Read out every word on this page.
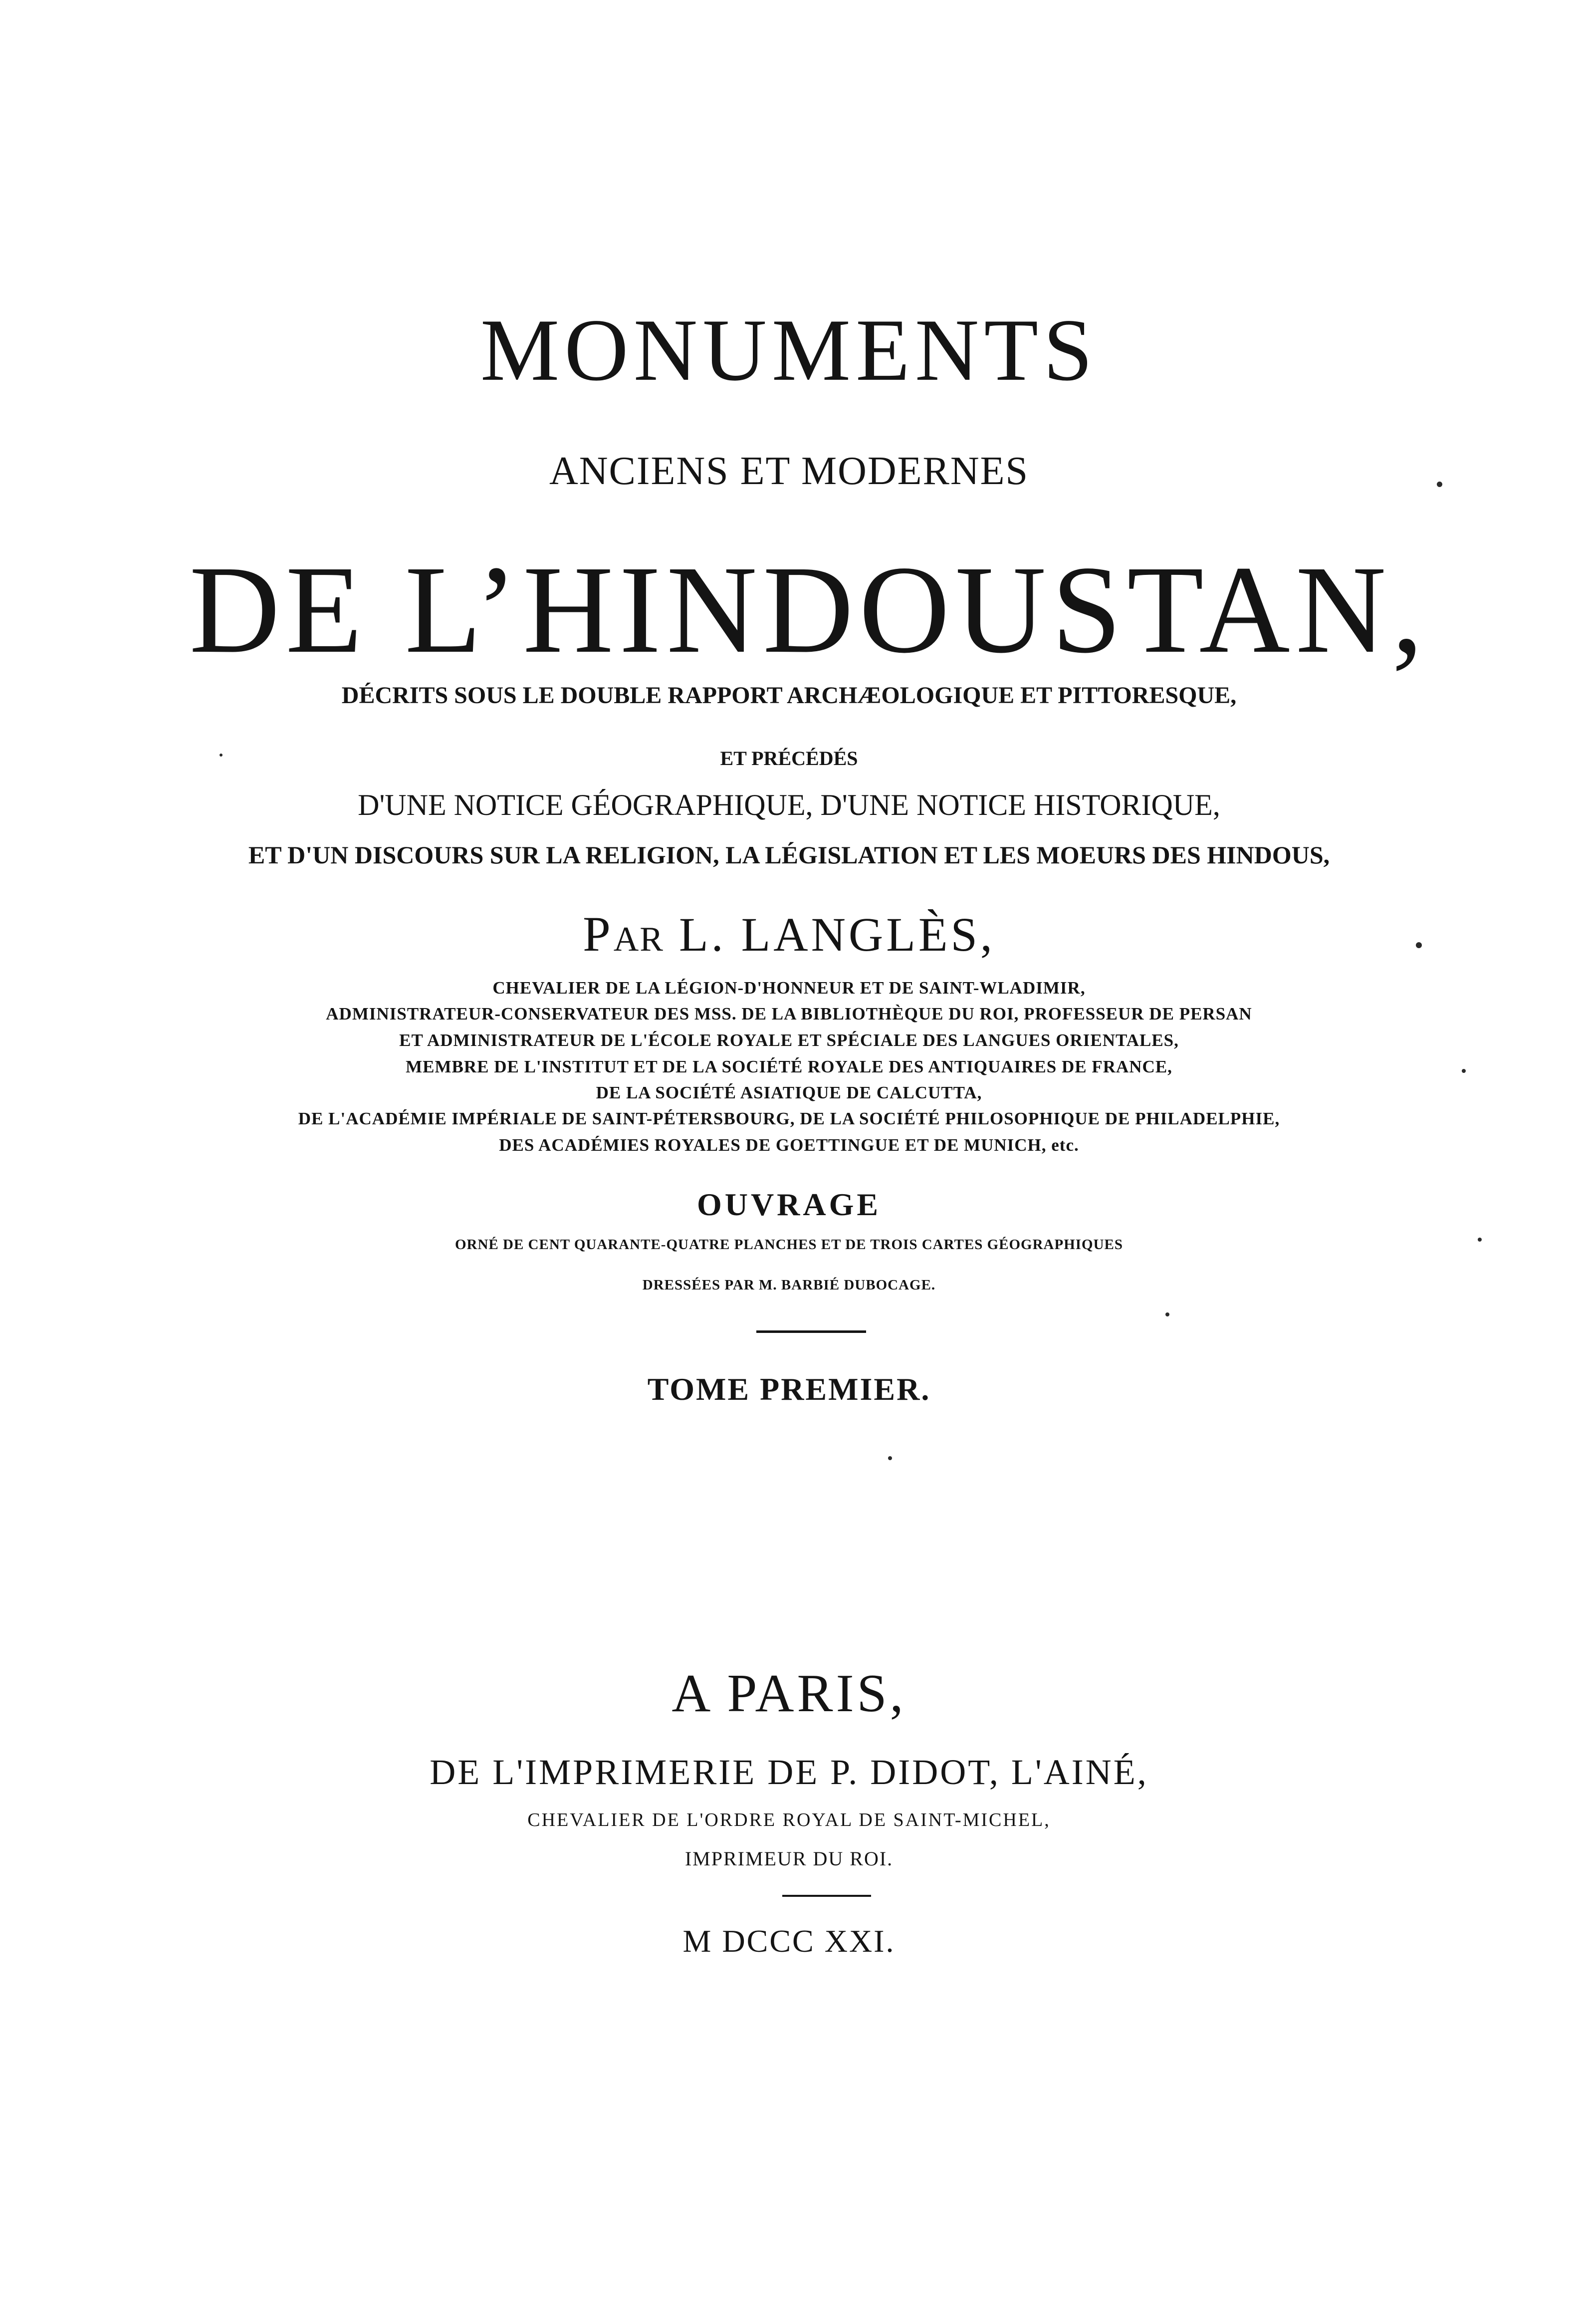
MONUMENTS
ANCIENS ET MODERNES
DE L’HINDOUSTAN,
DÉCRITS SOUS LE DOUBLE RAPPORT ARCHÆOLOGIQUE ET PITTORESQUE,
ET PRÉCÉDÉS
D'UNE NOTICE GÉOGRAPHIQUE, D'UNE NOTICE HISTORIQUE,
ET D'UN DISCOURS SUR LA RELIGION, LA LÉGISLATION ET LES MOEURS DES HINDOUS,
PAR L. LANGLÈS,
CHEVALIER DE LA LÉGION-D'HONNEUR ET DE SAINT-WLADIMIR,
ADMINISTRATEUR-CONSERVATEUR DES MSS. DE LA BIBLIOTHÈQUE DU ROI, PROFESSEUR DE PERSAN
ET ADMINISTRATEUR DE L'ÉCOLE ROYALE ET SPÉCIALE DES LANGUES ORIENTALES,
MEMBRE DE L'INSTITUT ET DE LA SOCIÉTÉ ROYALE DES ANTIQUAIRES DE FRANCE,
DE LA SOCIÉTÉ ASIATIQUE DE CALCUTTA,
DE L'ACADÉMIE IMPÉRIALE DE SAINT-PÉTERSBOURG, DE LA SOCIÉTÉ PHILOSOPHIQUE DE PHILADELPHIE,
DES ACADÉMIES ROYALES DE GOETTINGUE ET DE MUNICH, etc.
OUVRAGE
ORNÉ DE CENT QUARANTE-QUATRE PLANCHES ET DE TROIS CARTES GÉOGRAPHIQUES
DRESSÉES PAR M. BARBIÉ DUBOCAGE.
TOME PREMIER.
A PARIS,
DE L'IMPRIMERIE DE P. DIDOT, L'AINÉ,
CHEVALIER DE L'ORDRE ROYAL DE SAINT-MICHEL,
IMPRIMEUR DU ROI.
M DCCC XXI.
